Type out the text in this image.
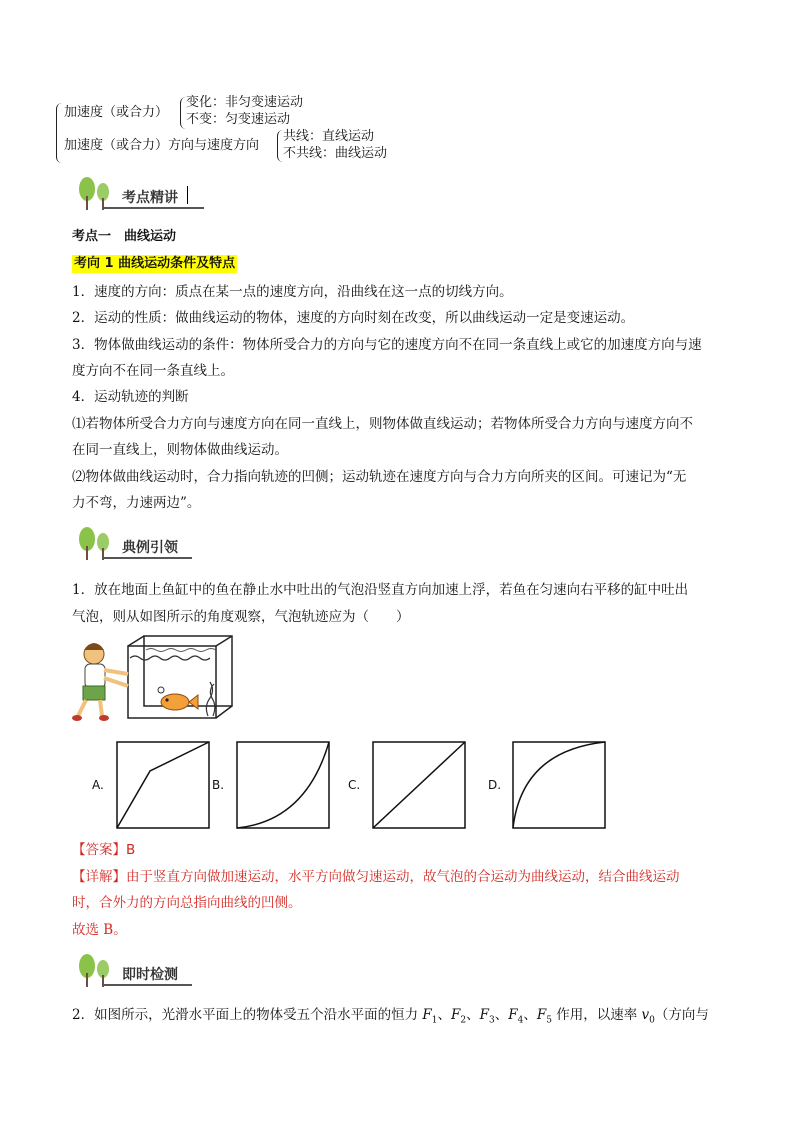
加速度（或合力）
变化：非匀变速运动
不变：匀变速运动
加速度（或合力）方向与速度方向
共线：直线运动
不共线：曲线运动
考点精讲
考点一　曲线运动
考向 1 曲线运动条件及特点
1．速度的方向：质点在某一点的速度方向，沿曲线在这一点的切线方向。
2．运动的性质：做曲线运动的物体，速度的方向时刻在改变，所以曲线运动一定是变速运动。
3．物体做曲线运动的条件：物体所受合力的方向与它的速度方向不在同一条直线上或它的加速度方向与速
度方向不在同一条直线上。
4．运动轨迹的判断
⑴若物体所受合力方向与速度方向在同一直线上，则物体做直线运动；若物体所受合力方向与速度方向不
在同一直线上，则物体做曲线运动。
⑵物体做曲线运动时，合力指向轨迹的凹侧；运动轨迹在速度方向与合力方向所夹的区间。可速记为“无
力不弯，力速两边”。
典例引领
1．放在地面上鱼缸中的鱼在静止水中吐出的气泡沿竖直方向加速上浮，若鱼在匀速向右平移的缸中吐出
气泡，则从如图所示的角度观察，气泡轨迹应为（　　）
A.	B.	C.	D.
【答案】B
【详解】由于竖直方向做加速运动，水平方向做匀速运动，故气泡的合运动为曲线运动，结合曲线运动
时，合外力的方向总指向曲线的凹侧。
故选 B。
即时检测
2．如图所示，光滑水平面上的物体受五个沿水平面的恒力 $F_1$、$F_2$、$F_3$、$F_4$、$F_5$ 作用，以速率 $v_0$（方向与
